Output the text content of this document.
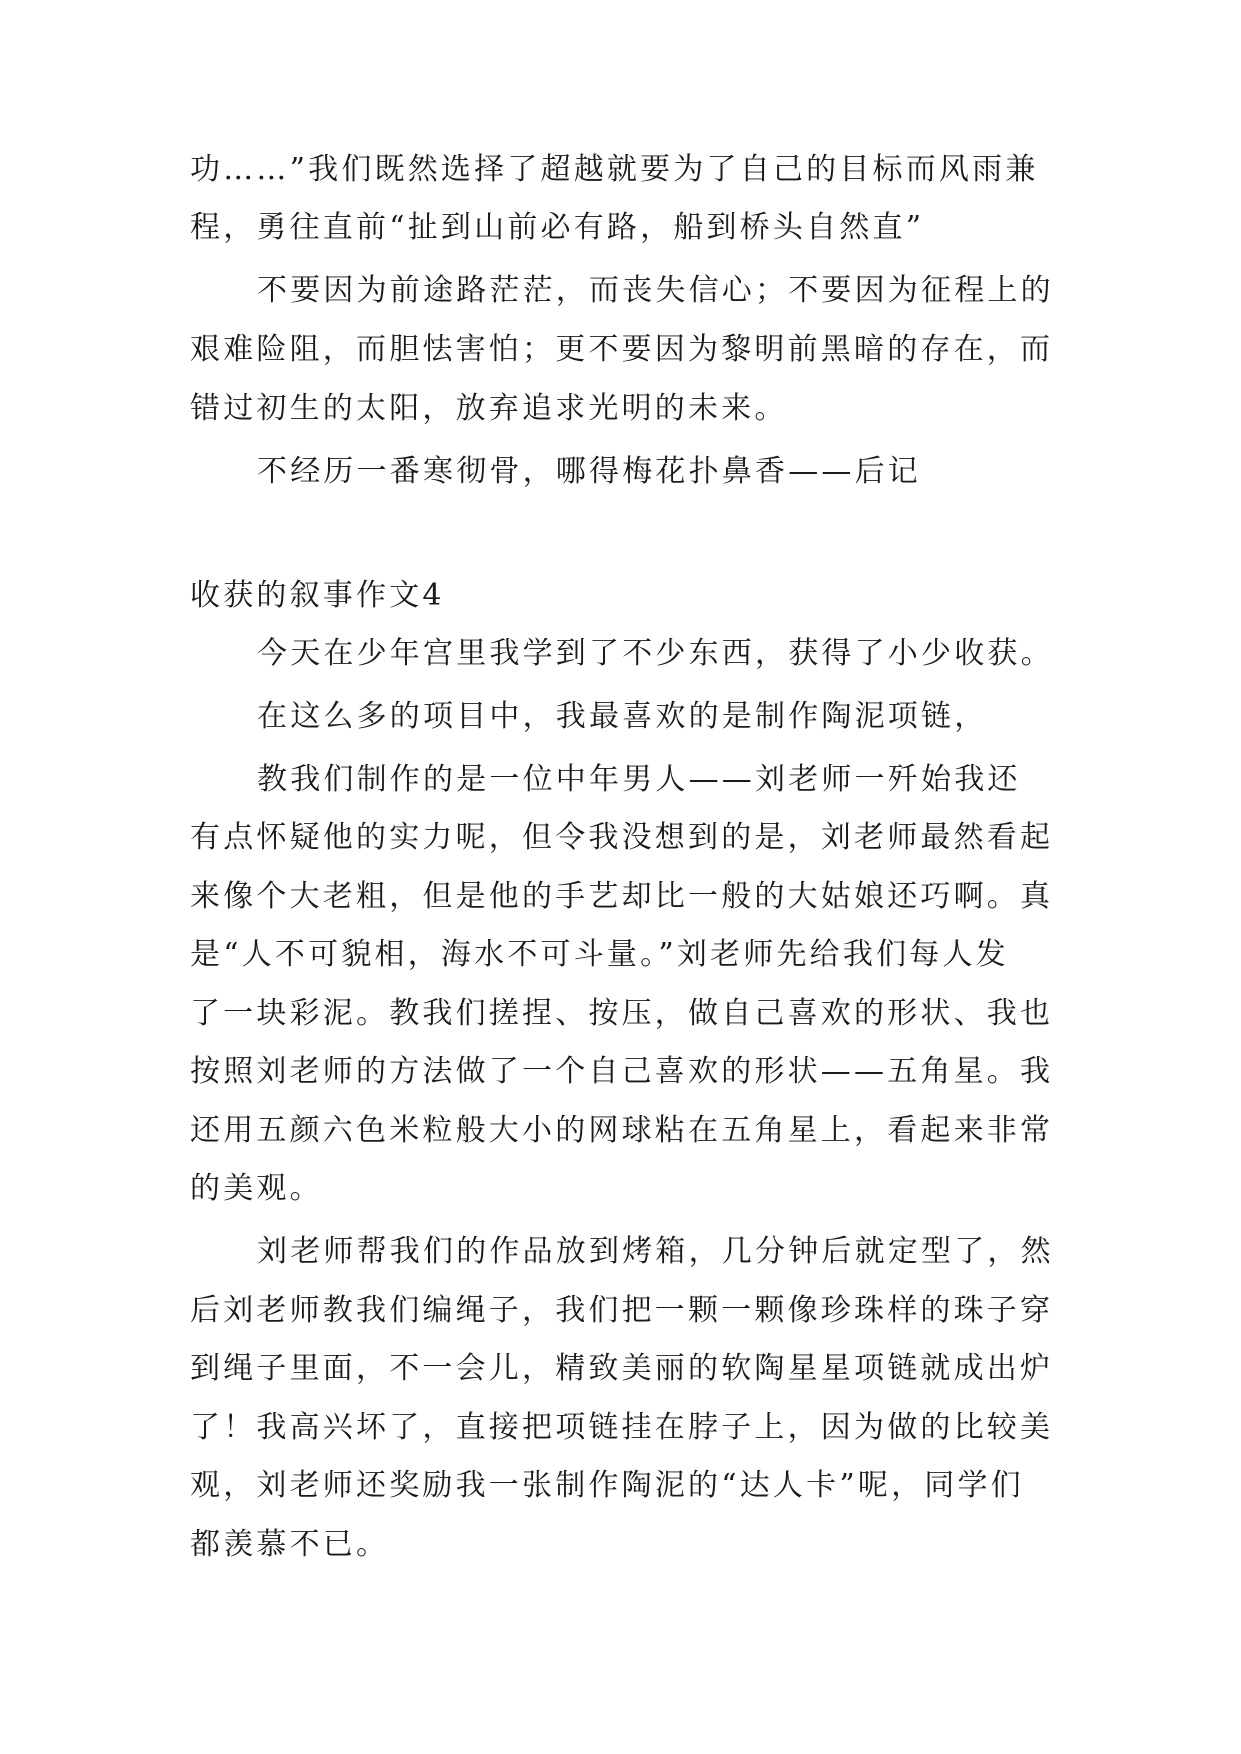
功……”我们既然选择了超越就要为了自己的目标而风雨兼
程，勇往直前“扯到山前必有路，船到桥头自然直”
不要因为前途路茫茫，而丧失信心；不要因为征程上的
艰难险阻，而胆怯害怕；更不要因为黎明前黑暗的存在，而
错过初生的太阳，放弃追求光明的未来。
不经历一番寒彻骨，哪得梅花扑鼻香——后记
收获的叙事作文4
今天在少年宫里我学到了不少东西，获得了小少收获。
在这么多的项目中，我最喜欢的是制作陶泥项链，
教我们制作的是一位中年男人——刘老师一歼始我还
有点怀疑他的实力呢，但令我没想到的是，刘老师最然看起
来像个大老粗，但是他的手艺却比一般的大姑娘还巧啊。真
是“人不可貌相，海水不可斗量。”刘老师先给我们每人发
了一块彩泥。教我们搓捏、按压，做自己喜欢的形状、我也
按照刘老师的方法做了一个自己喜欢的形状——五角星。我
还用五颜六色米粒般大小的网球粘在五角星上，看起来非常
的美观。
刘老师帮我们的作品放到烤箱，几分钟后就定型了，然
后刘老师教我们编绳子，我们把一颗一颗像珍珠样的珠子穿
到绳子里面，不一会儿，精致美丽的软陶星星项链就成出炉
了！我高兴坏了，直接把项链挂在脖子上，因为做的比较美
观，刘老师还奖励我一张制作陶泥的“达人卡”呢，同学们
都羡慕不已。
